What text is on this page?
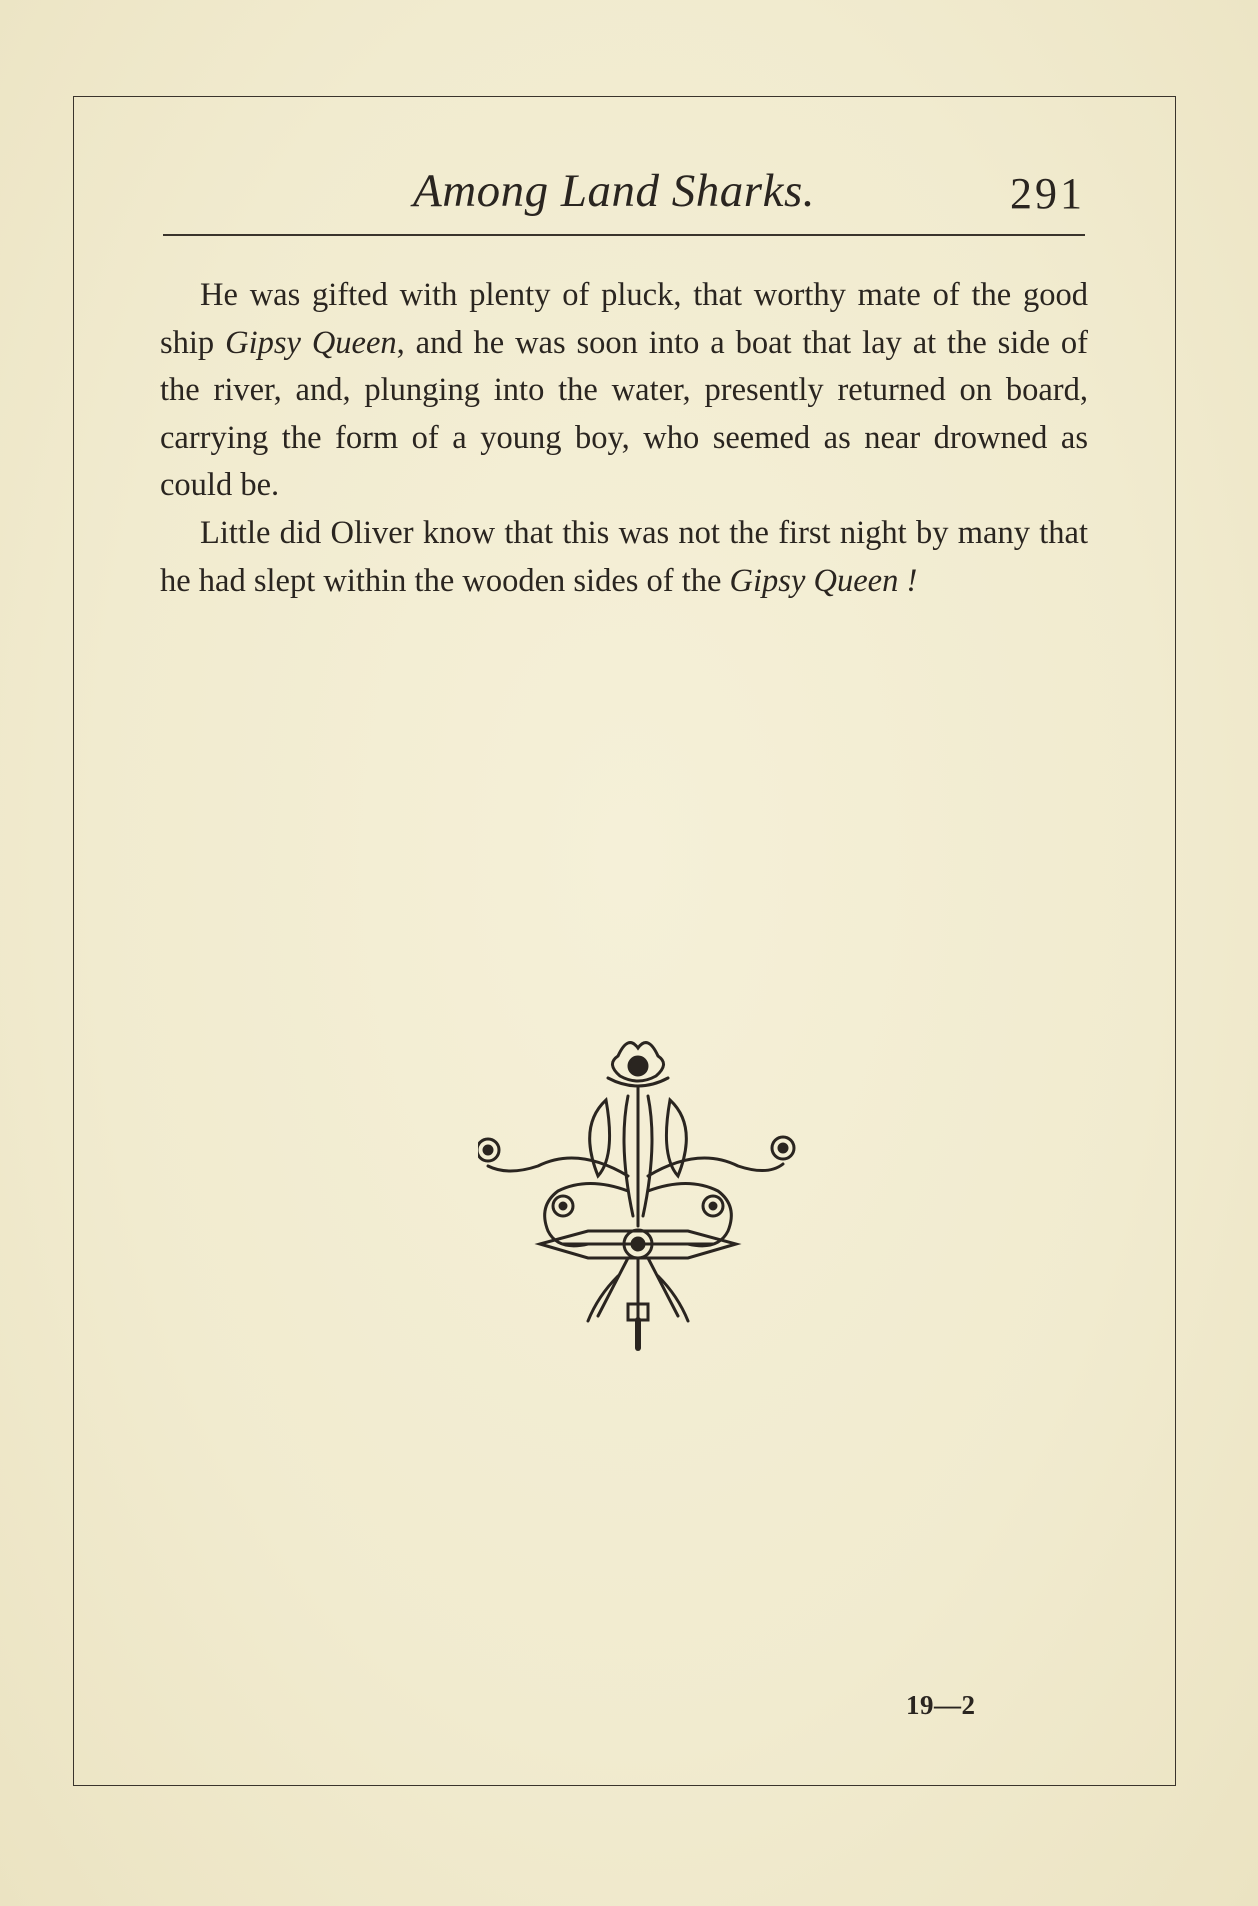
Among Land Sharks.	291

He was gifted with plenty of pluck, that worthy mate of the good ship Gipsy Queen, and he was soon into a boat that lay at the side of the river, and, plunging into the water, presently returned on board, carrying the form of a young boy, who seemed as near drowned as could be.

Little did Oliver know that this was not the first night by many that he had slept within the wooden sides of the Gipsy Queen !

19—2
